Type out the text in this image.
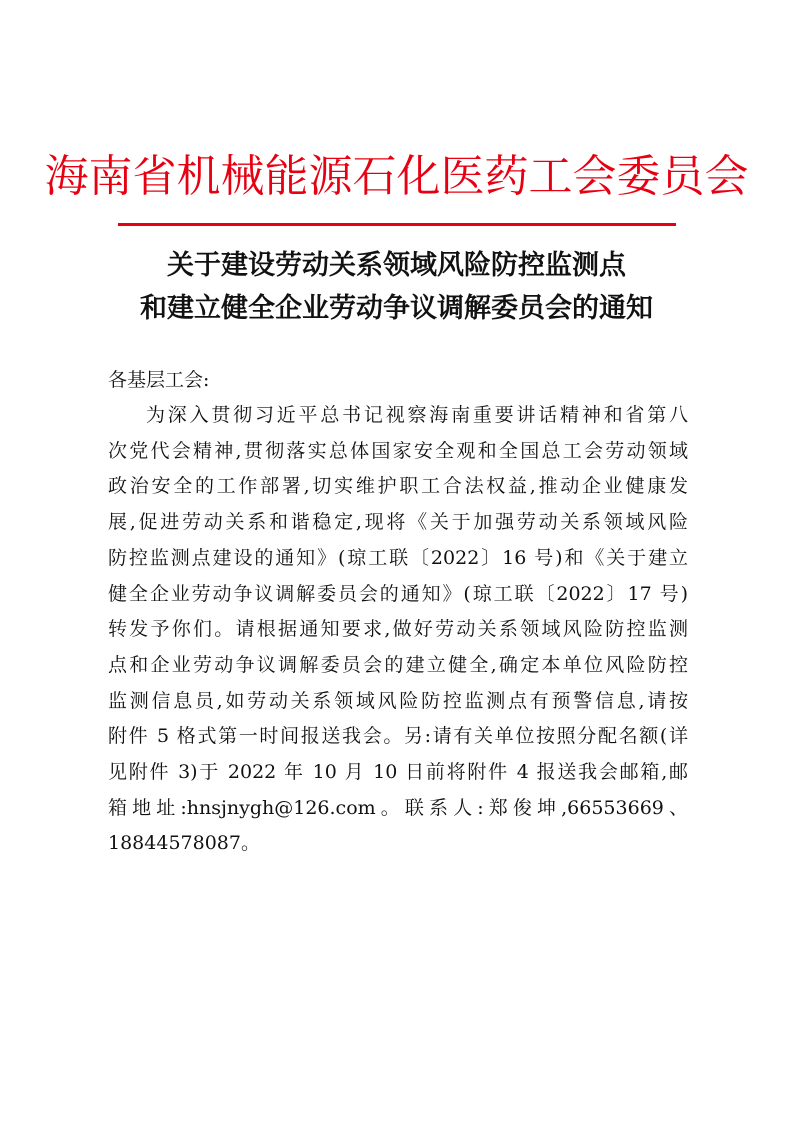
海南省机械能源石化医药工会委员会
关于建设劳动关系领域风险防控监测点
和建立健全企业劳动争议调解委员会的通知
各基层工会:
为深入贯彻习近平总书记视察海南重要讲话精神和省第八
次党代会精神,贯彻落实总体国家安全观和全国总工会劳动领域
政治安全的工作部署,切实维护职工合法权益,推动企业健康发
展,促进劳动关系和谐稳定,现将《关于加强劳动关系领域风险
防控监测点建设的通知》(琼工联〔2022〕16 号)和《关于建立
健全企业劳动争议调解委员会的通知》(琼工联〔2022〕17 号)
转发予你们。请根据通知要求,做好劳动关系领域风险防控监测
点和企业劳动争议调解委员会的建立健全,确定本单位风险防控
监测信息员,如劳动关系领域风险防控监测点有预警信息,请按
附件 5 格式第一时间报送我会。另:请有关单位按照分配名额(详
见附件 3)于 2022 年 10 月 10 日前将附件 4 报送我会邮箱,邮
箱地址:hnsjnygh@126.com。联系人:郑俊坤,66553669、
18844578087。
